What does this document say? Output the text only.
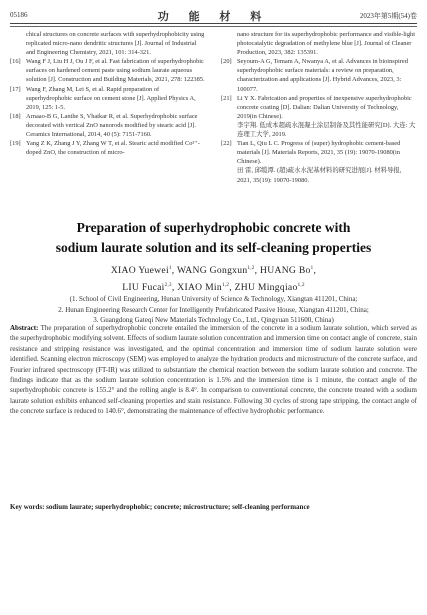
05186	功 能 材 料	2023年第5期(54)卷
chical structures on concrete surfaces with superhydrophobicity using replicated micro-nano dendritic structures [J]. Journal of Industrial and Engineering Chemistry, 2021, 101: 314-321.
[16] Wang F J, Liu H J, Ou J F, et al. Fast fabrication of superhydrophobic surfaces on hardened cement paste using sodium laurate aqueous solution [J]. Construction and Building Materials, 2021, 278: 122385.
[17] Wang F, Zhang M, Lei S, et al. Rapid preparation of superhydrophobic surface on cement stone [J]. Applied Physics A, 2019, 125: 1-5.
[18] Arnaao-B G, Lanthe S, Vhatkar R, et al. Superhydrophobic surface decorated with vertical ZnO nanorods modified by stearic acid [J]. Ceramics International, 2014, 40 (5): 7151-7160.
[19] Yang Z K, Zhang J Y, Zhang W T, et al. Stearic acid modified Co³⁺-doped ZnO, the construction of micro-
nano structure for its superhydrophobic performance and visible-light photocatalytic degradation of methylene blue [J]. Journal of Cleaner Production, 2023, 382: 135391.
[20] Seyoum-A G, Temam A, Nwanya A, et al. Advances in bioinspired superhydrophobic surface materials: a review on preparation, characterization and applications [J]. Hybrid Advances, 2023, 3: 100077.
[21] Li Y X. Fabrication and properties of inexpensive superhydrophobic concrete coating [D]. Dalian: Dalian University of Technology, 2019(in Chinese).
李宇翔. 低成本超疏水混凝土涂层制备及其性能研究[D]. 大连: 大连理工大学, 2019.
[22] Tian L, Qiu L C. Progress of (super) hydrophobic cement-based materials [J]. Materials Reports, 2021, 35 (19): 19070-19080(in Chinese).
田 雷, 邱缆潭. (超)疏水水泥基材料的研究进展[J]. 材料导报, 2021, 35(19): 19070-19080.
Preparation of superhydrophobic concrete with
sodium laurate solution and its self-cleaning properties
XIAO Yuewei$^1$, WANG Gongxun$^{1,2}$, HUANG Bo$^1$,
LIU Fucai$^{2,3}$, XIAO Min$^{1,2}$, ZHU Mingqiao$^{1,2}$
(1. School of Civil Engineering, Hunan University of Science & Technology, Xiangtan 411201, China;
2. Hunan Engineering Research Center for Intelligently Prefabricated Passive House, Xiangtan 411201, China;
3. Guangdong Gateqi New Materials Technology Co., Ltd., Qingyuan 511600, China)
Abstract: The preparation of superhydrophobic concrete entailed the immersion of the concrete in a sodium laurate solution, which served as the superhydrophobic modifying solvent. Effects of sodium laurate solution concentration and immersion time on contact angle of concrete, stain resistance and stripping resistance was investigated, and the optimal concentration and immersion time of sodium laurate solution were identified. Scanning electron microscopy (SEM) was employed to analyze the hydration products and microstructure of the concrete surface, and Fourier infrared spectroscopy (FT-IR) was utilized to substantiate the chemical reaction between the sodium laurate solution and concrete. The findings indicate that as the sodium laurate solution concentration is 1.5% and the immersion time is 1 minute, the contact angle of the superhydrophobic concrete is 155.2° and the rolling angle is 8.4°. In comparison to conventional concrete, the concrete treated with a sodium laurate solution exhibits enhanced self-cleaning properties and stain resistance. Following 30 cycles of strong tape stripping, the contact angle of the concrete surface is reduced to 140.6°, demonstrating the maintenance of effective hydrophobic performance.
Key words: sodium laurate; superhydrophobic; concrete; microstructure; self-cleaning performance
